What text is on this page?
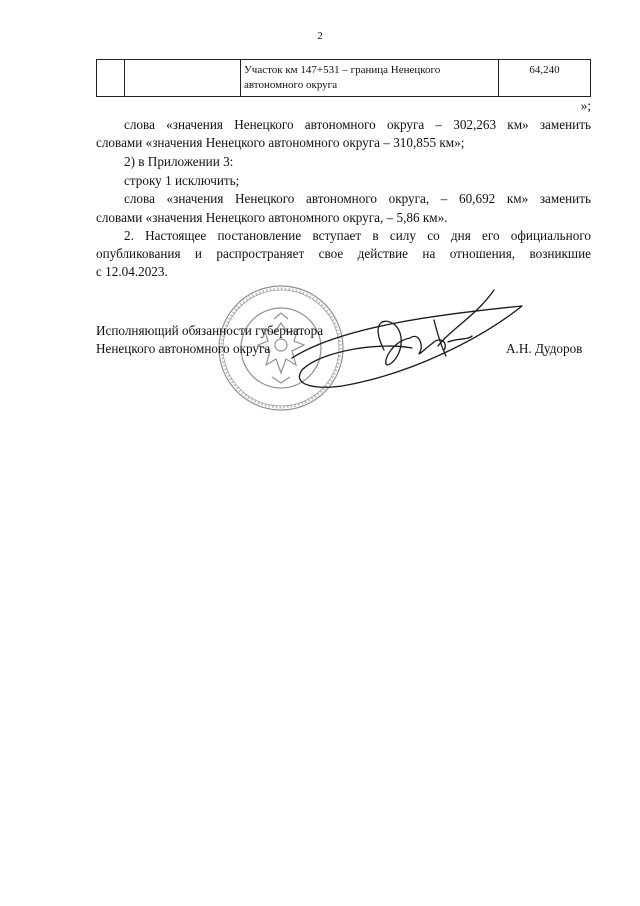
2

Участок км 147+531 – граница Ненецкого
автономного округа
	64,240
»;
слова «значения Ненецкого автономного округа – 302,263 км» заменить
словами «значения Ненецкого автономного округа – 310,855 км»;
2) в Приложении 3:
строку 1 исключить;
слова «значения Ненецкого автономного округа, – 60,692 км» заменить
словами «значения Ненецкого автономного округа, – 5,86 км».
2. Настоящее постановление вступает в силу со дня его официального
опубликования и распространяет свое действие на отношения, возникшие
с 12.04.2023.
Исполняющий обязанности губернатора
Ненецкого автономного округа	А.Н. Дудоров
